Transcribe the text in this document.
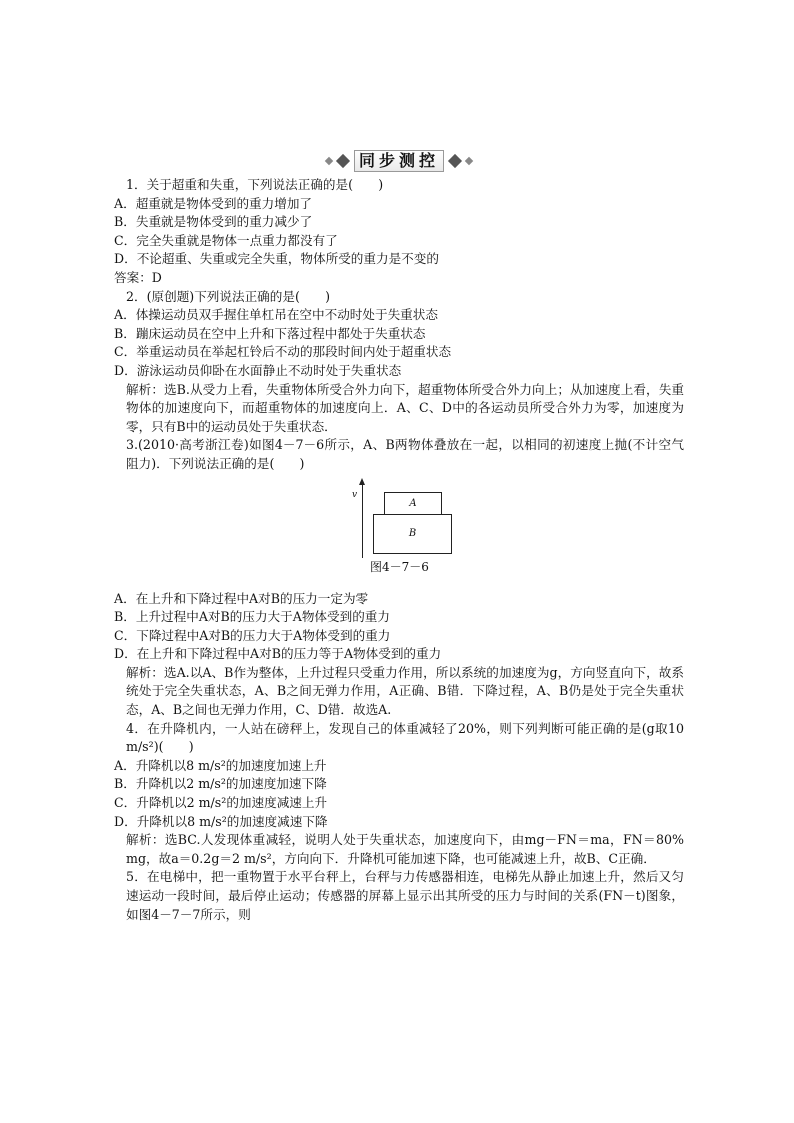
同步测控
1．关于超重和失重，下列说法正确的是(　　)
A．超重就是物体受到的重力增加了
B．失重就是物体受到的重力减少了
C．完全失重就是物体一点重力都没有了
D．不论超重、失重或完全失重，物体所受的重力是不变的
答案：D
2．(原创题)下列说法正确的是(　　)
A．体操运动员双手握住单杠吊在空中不动时处于失重状态
B．蹦床运动员在空中上升和下落过程中都处于失重状态
C．举重运动员在举起杠铃后不动的那段时间内处于超重状态
D．游泳运动员仰卧在水面静止不动时处于失重状态
解析：选B.从受力上看，失重物体所受合外力向下，超重物体所受合外力向上；从加速度上看，失重物体的加速度向下，而超重物体的加速度向上．A、C、D中的各运动员所受合外力为零，加速度为零，只有B中的运动员处于失重状态．
3.(2010·高考浙江卷)如图4－7－6所示，A、B两物体叠放在一起，以相同的初速度上抛(不计空气阻力)．下列说法正确的是(　　)
v
A
B
图4－7－6
A．在上升和下降过程中A对B的压力一定为零
B．上升过程中A对B的压力大于A物体受到的重力
C．下降过程中A对B的压力大于A物体受到的重力
D．在上升和下降过程中A对B的压力等于A物体受到的重力
解析：选A.以A、B作为整体，上升过程只受重力作用，所以系统的加速度为g，方向竖直向下，故系统处于完全失重状态，A、B之间无弹力作用，A正确、B错．下降过程，A、B仍是处于完全失重状态，A、B之间也无弹力作用，C、D错．故选A.
4．在升降机内，一人站在磅秤上，发现自己的体重减轻了20%，则下列判断可能正确的是(g取10 m/s²)(　　)
A．升降机以8 m/s²的加速度加速上升
B．升降机以2 m/s²的加速度加速下降
C．升降机以2 m/s²的加速度减速上升
D．升降机以8 m/s²的加速度减速下降
解析：选BC.人发现体重减轻，说明人处于失重状态，加速度向下，由mg－FN＝ma，FN＝80% mg，故a＝0.2g＝2 m/s²，方向向下．升降机可能加速下降，也可能减速上升，故B、C正确．
5．在电梯中，把一重物置于水平台秤上，台秤与力传感器相连，电梯先从静止加速上升，然后又匀速运动一段时间，最后停止运动；传感器的屏幕上显示出其所受的压力与时间的关系(FN－t)图象，如图4－7－7所示，则
